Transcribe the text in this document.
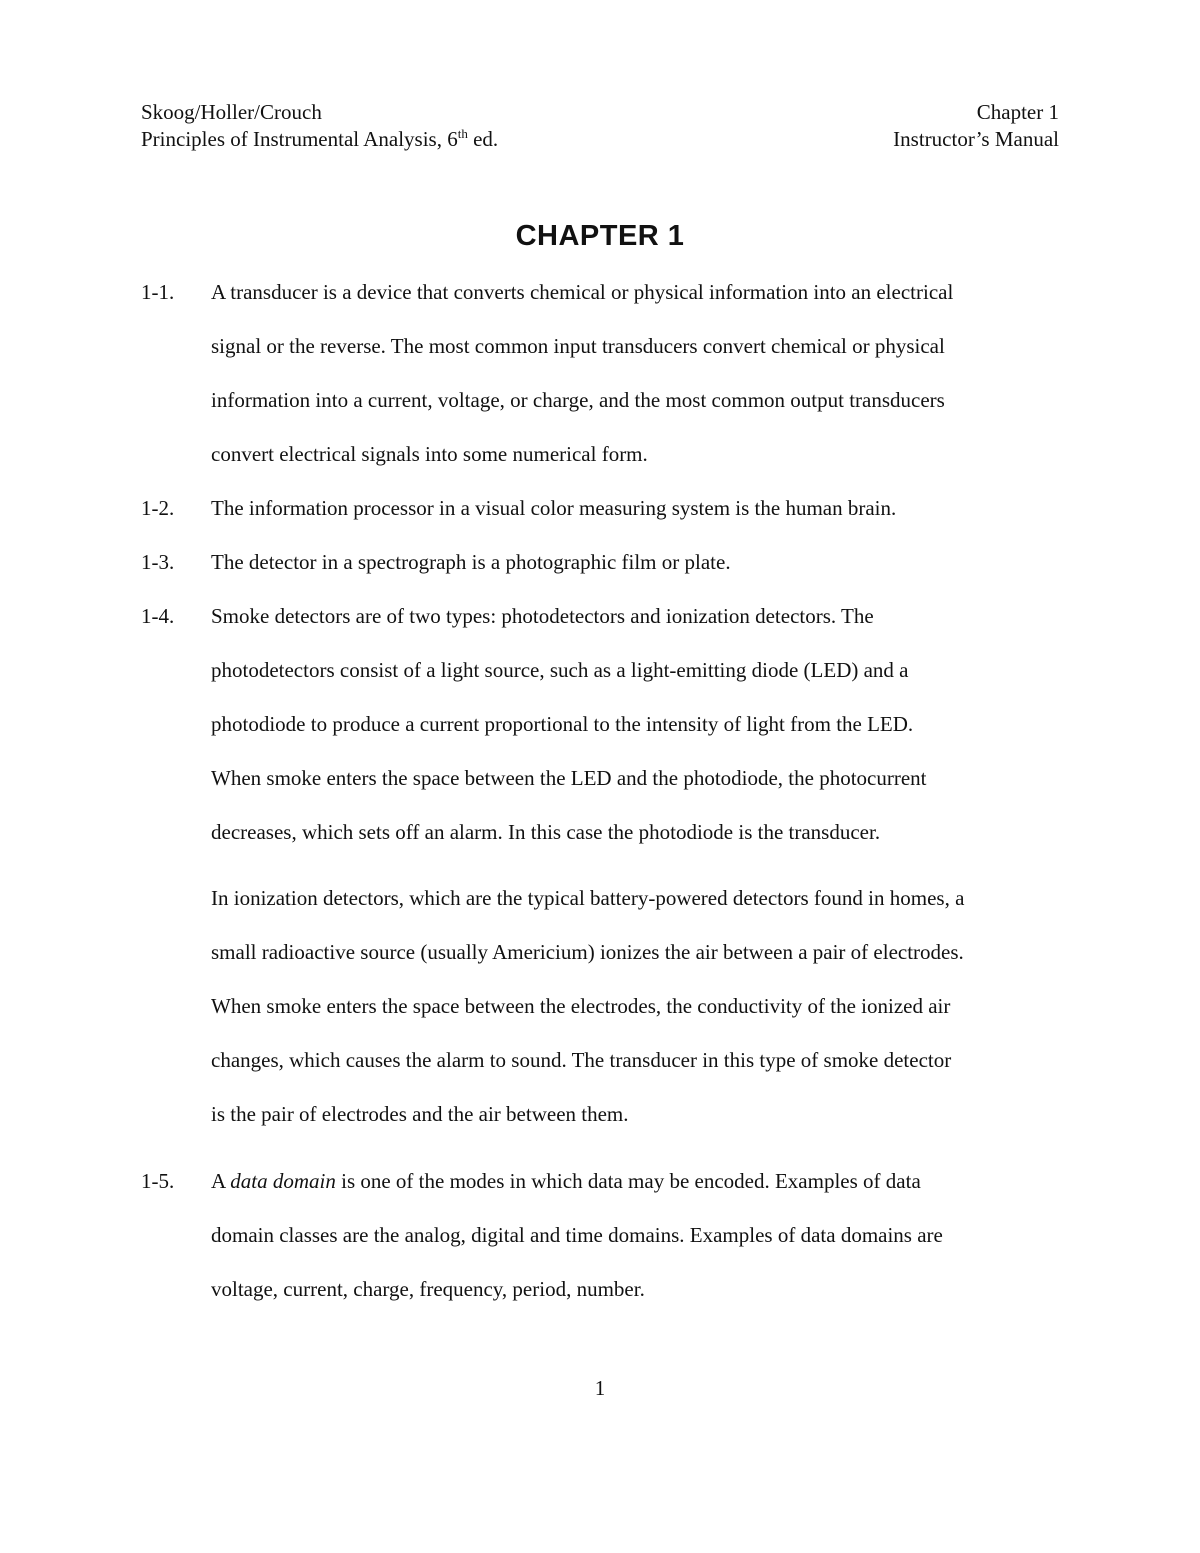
Skoog/Holler/Crouch	Chapter 1
Principles of Instrumental Analysis, 6th ed.	Instructor’s Manual
CHAPTER 1
1-1. A transducer is a device that converts chemical or physical information into an electrical
signal or the reverse. The most common input transducers convert chemical or physical
information into a current, voltage, or charge, and the most common output transducers
convert electrical signals into some numerical form.
1-2. The information processor in a visual color measuring system is the human brain.
1-3. The detector in a spectrograph is a photographic film or plate.
1-4. Smoke detectors are of two types: photodetectors and ionization detectors. The
photodetectors consist of a light source, such as a light-emitting diode (LED) and a
photodiode to produce a current proportional to the intensity of light from the LED.
When smoke enters the space between the LED and the photodiode, the photocurrent
decreases, which sets off an alarm. In this case the photodiode is the transducer.
In ionization detectors, which are the typical battery-powered detectors found in homes, a
small radioactive source (usually Americium) ionizes the air between a pair of electrodes.
When smoke enters the space between the electrodes, the conductivity of the ionized air
changes, which causes the alarm to sound. The transducer in this type of smoke detector
is the pair of electrodes and the air between them.
1-5. A data domain is one of the modes in which data may be encoded. Examples of data
domain classes are the analog, digital and time domains. Examples of data domains are
voltage, current, charge, frequency, period, number.
1
